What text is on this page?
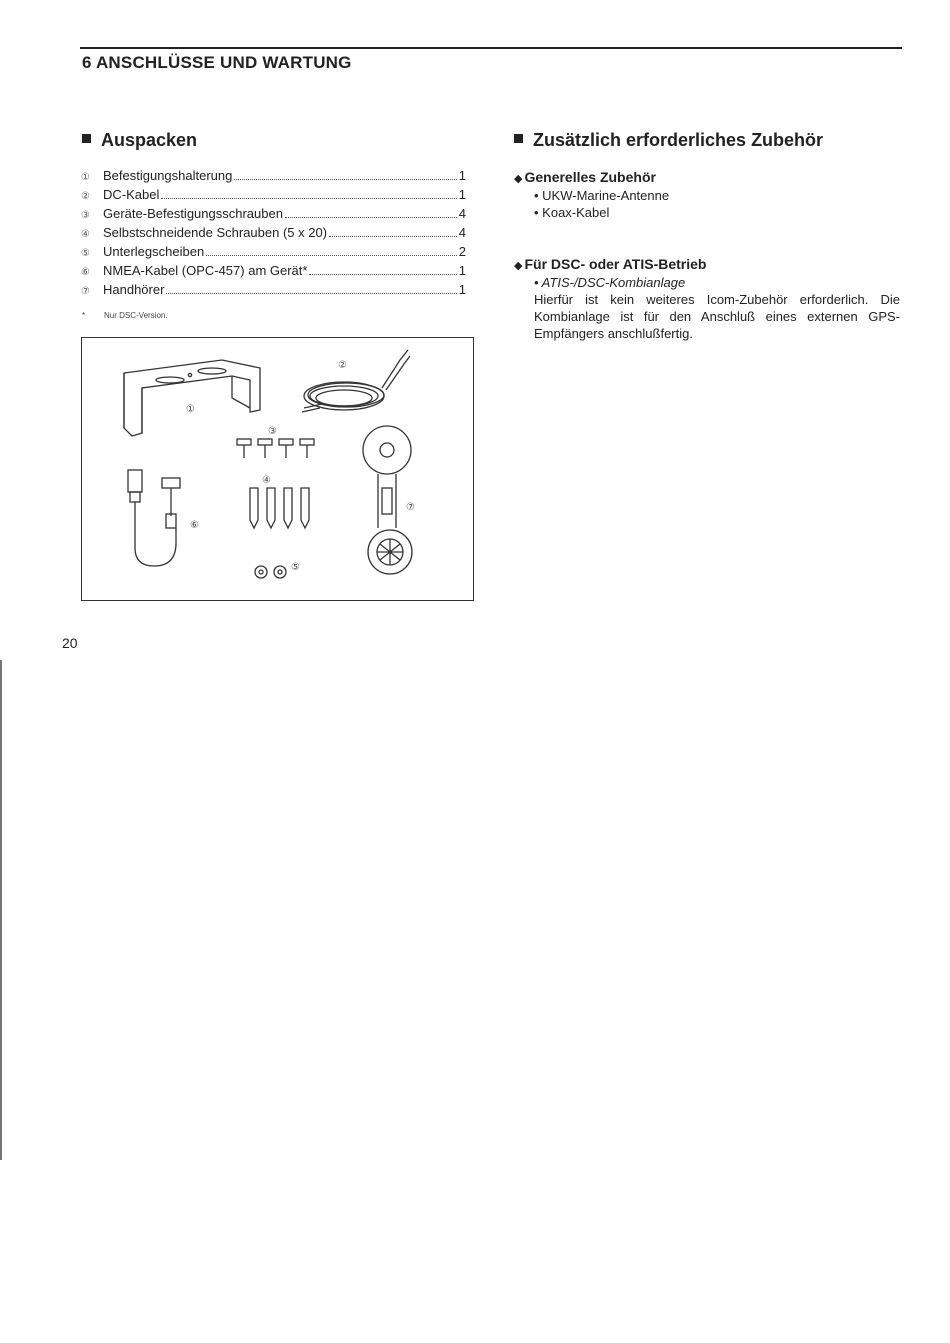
6 ANSCHLÜSSE UND WARTUNG
Auspacken
①	Befestigungshalterung	1
②	DC-Kabel	1
③	Geräte-Befestigungsschrauben	4
④	Selbstschneidende Schrauben (5 x 20)	4
⑤	Unterlegscheiben	2
⑥	NMEA-Kabel (OPC-457) am Gerät*	1
⑦	Handhörer	1
* Nur DSC-Version.
①
②
③
④
⑤
⑥
⑦
20
Zusätzlich erforderliches Zubehör
◆ Generelles Zubehör
• UKW-Marine-Antenne
• Koax-Kabel
◆ Für DSC- oder ATIS-Betrieb
• ATIS-/DSC-Kombianlage
Hierfür ist kein weiteres Icom-Zubehör erforderlich. Die Kombianlage ist für den Anschluß eines externen GPS-Empfängers anschlußfertig.
